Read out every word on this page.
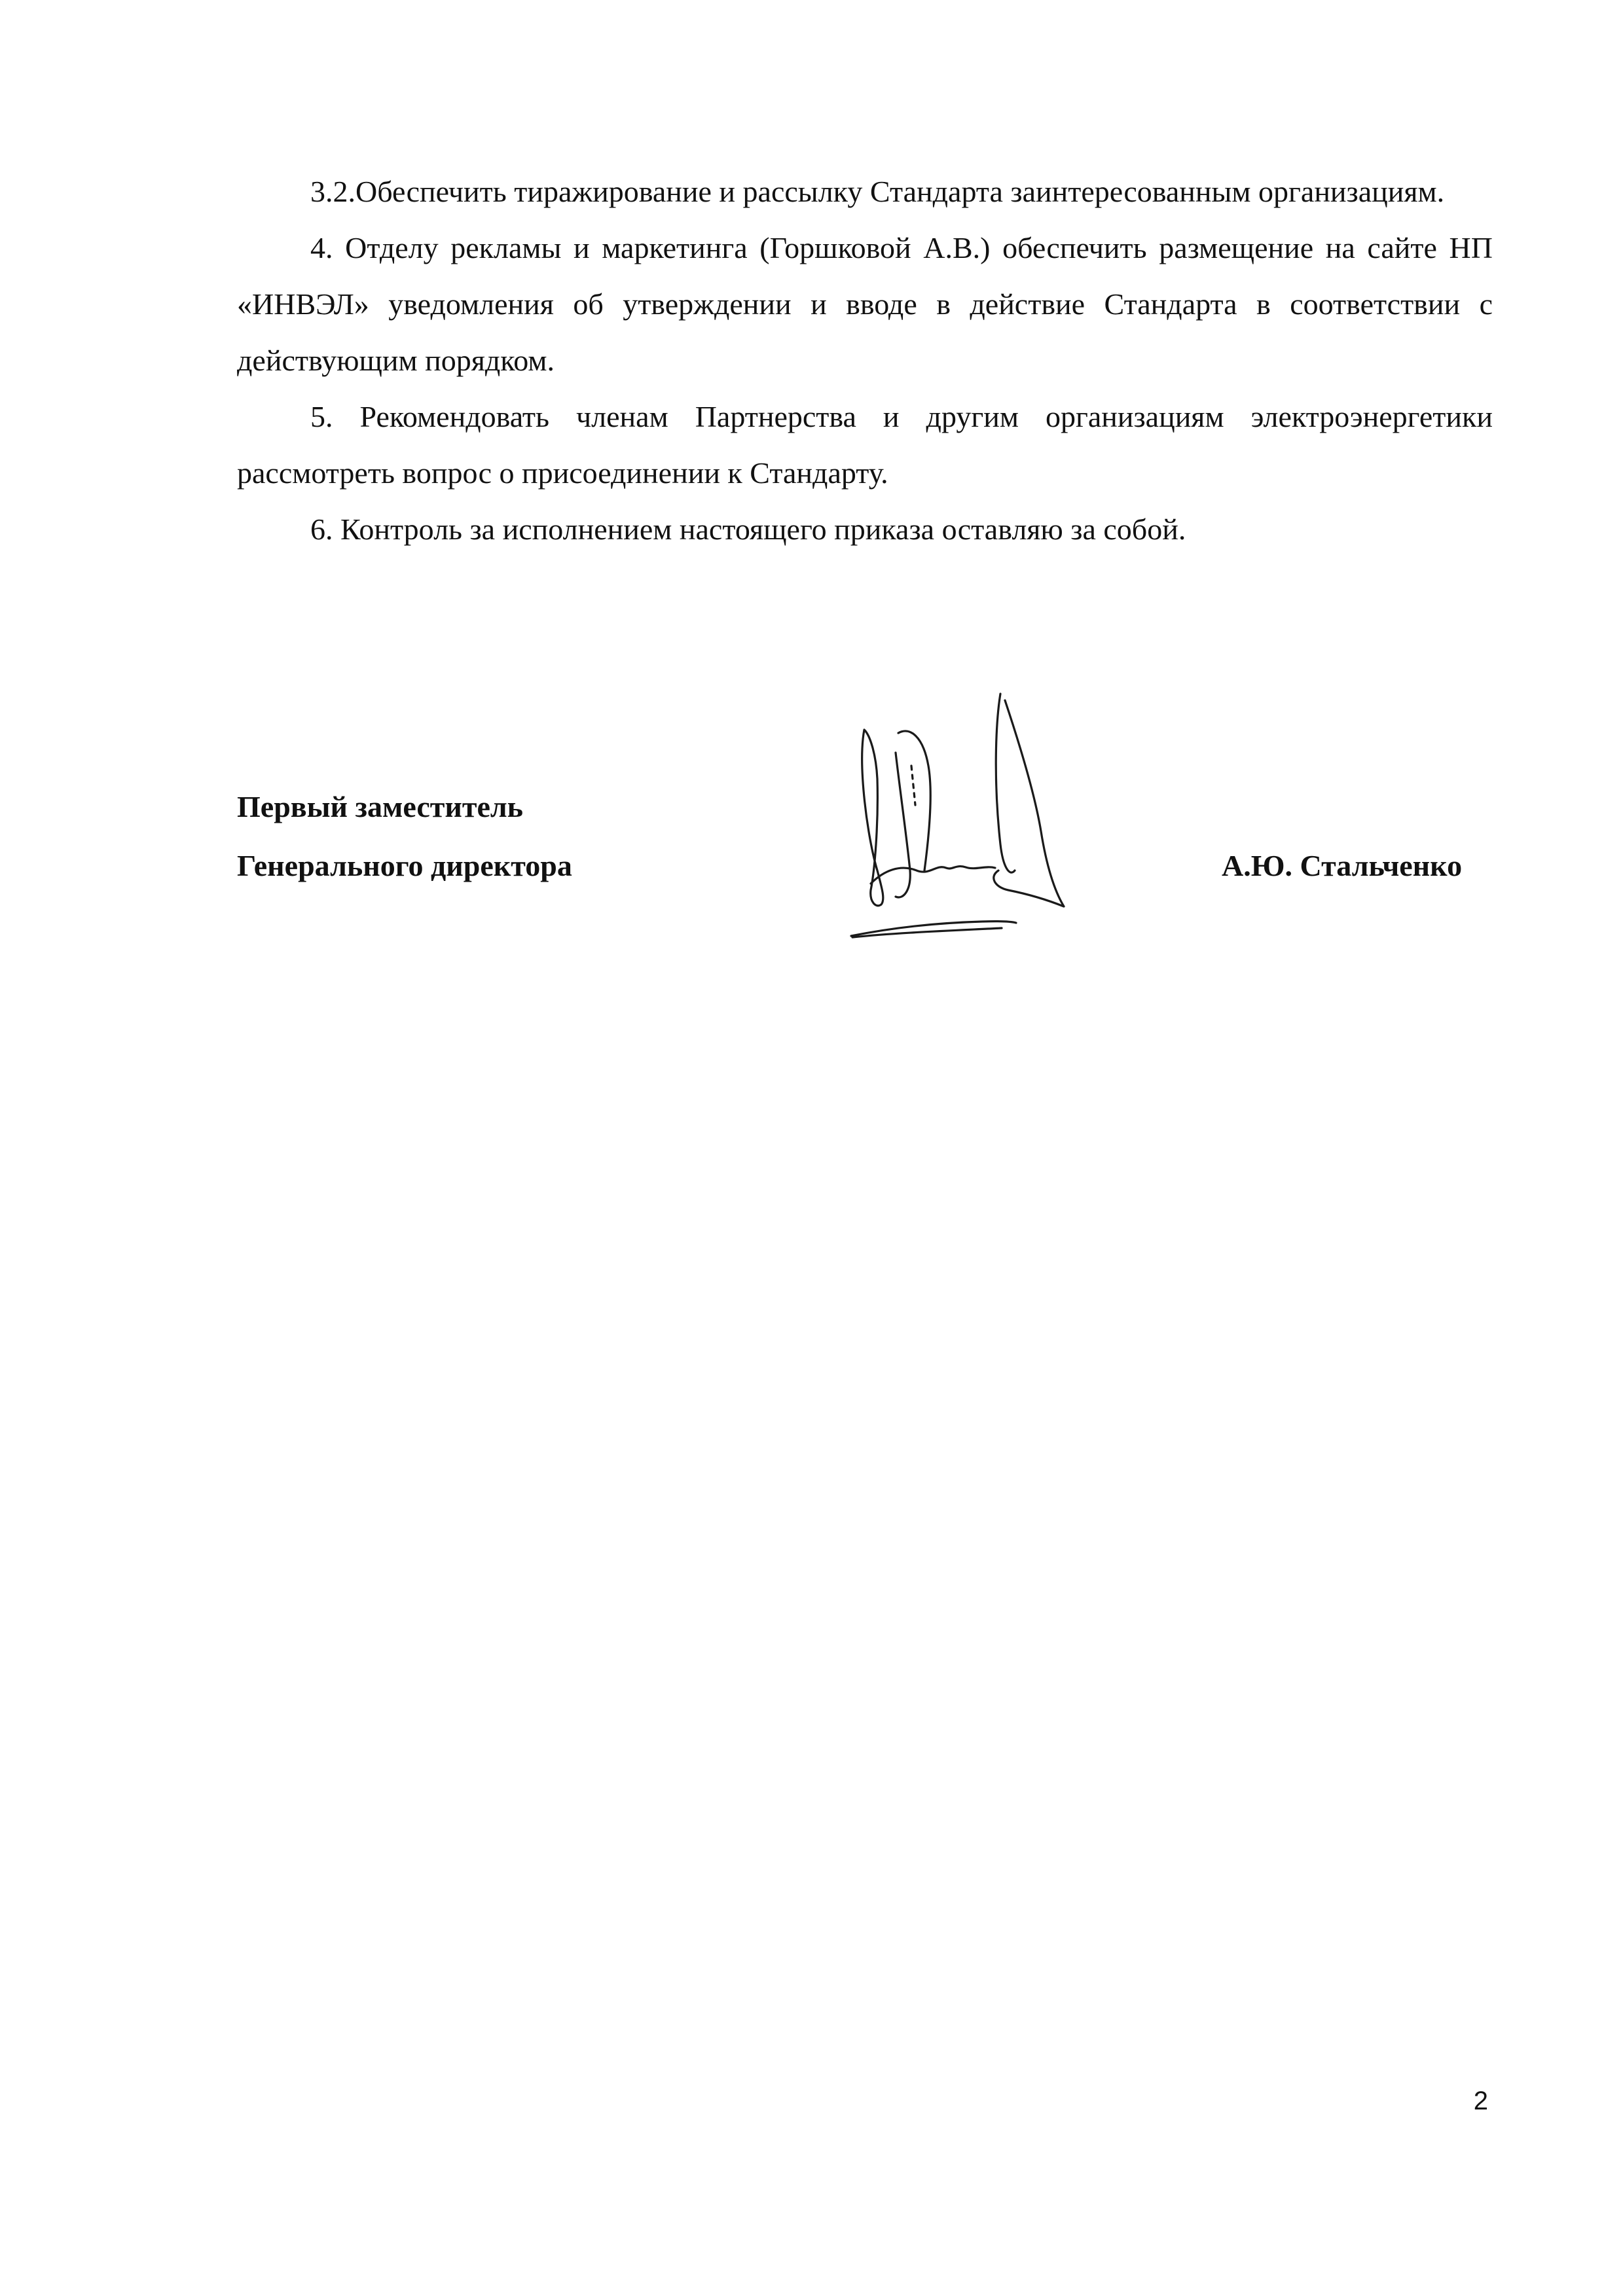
3.2.Обеспечить тиражирование и рассылку Стандарта заинтересованным организациям.

4. Отделу рекламы и маркетинга (Горшковой А.В.) обеспечить размещение на сайте НП «ИНВЭЛ» уведомления об утверждении и вводе в действие Стандарта в соответствии с действующим порядком.

5. Рекомендовать членам Партнерства и другим организациям электроэнергетики рассмотреть вопрос о присоединении к Стандарту.

6. Контроль за исполнением настоящего приказа оставляю за собой.

Первый заместитель
Генерального директора	А.Ю. Стальченко
2
